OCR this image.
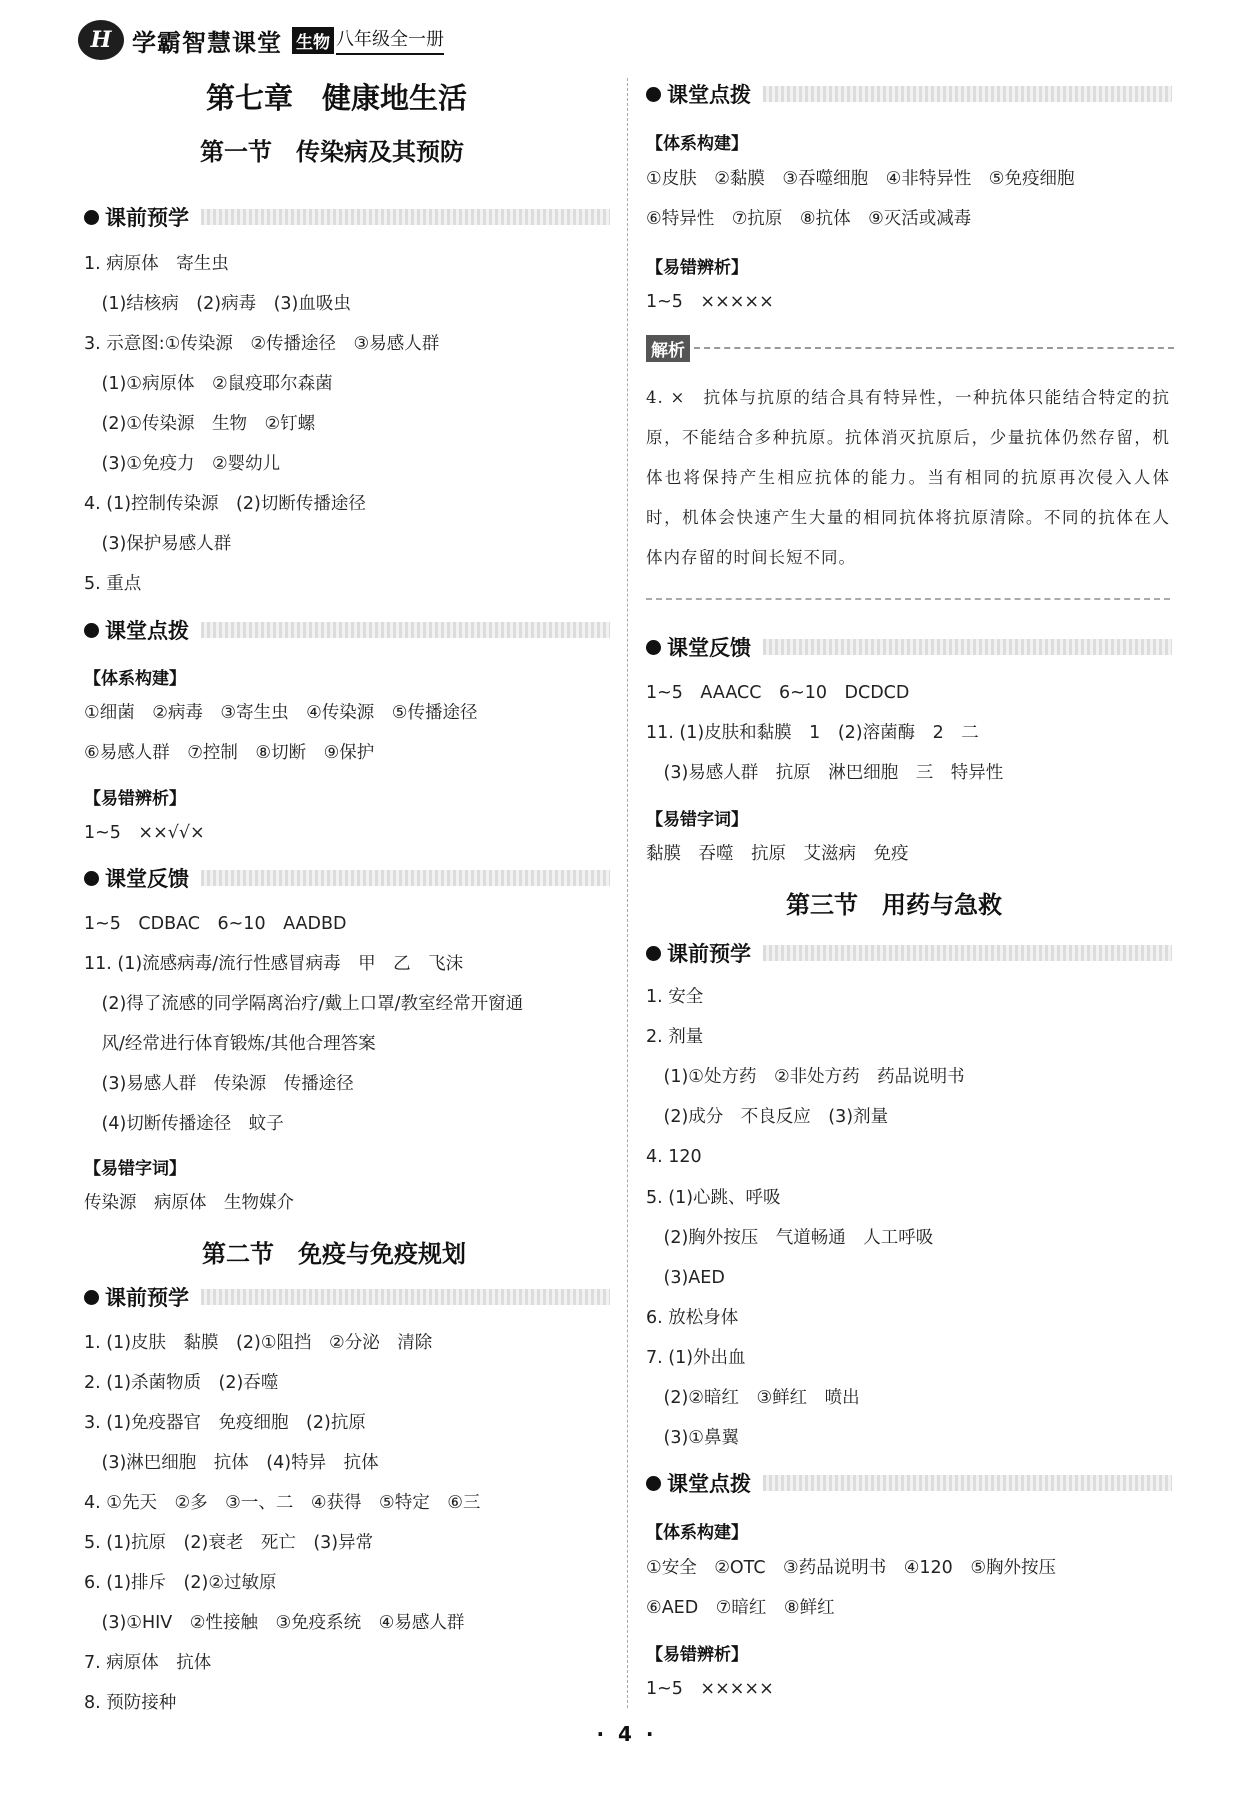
H 学霸智慧课堂 生物 八年级全一册
第七章　健康地生活
第一节　传染病及其预防
课前预学
1. 病原体　寄生虫
　(1)结核病　(2)病毒　(3)血吸虫
3. 示意图:①传染源　②传播途径　③易感人群
　(1)①病原体　②鼠疫耶尔森菌
　(2)①传染源　生物　②钉螺
　(3)①免疫力　②婴幼儿
4. (1)控制传染源　(2)切断传播途径
　(3)保护易感人群
5. 重点
课堂点拨
【体系构建】
①细菌　②病毒　③寄生虫　④传染源　⑤传播途径
⑥易感人群　⑦控制　⑧切断　⑨保护
【易错辨析】
1~5　××√√×
课堂反馈
1~5　CDBAC　6~10　AADBD
11. (1)流感病毒/流行性感冒病毒　甲　乙　飞沫
　(2)得了流感的同学隔离治疗/戴上口罩/教室经常开窗通
　风/经常进行体育锻炼/其他合理答案
　(3)易感人群　传染源　传播途径
　(4)切断传播途径　蚊子
【易错字词】
传染源　病原体　生物媒介
第二节　免疫与免疫规划
课前预学
1. (1)皮肤　黏膜　(2)①阻挡　②分泌　清除
2. (1)杀菌物质　(2)吞噬
3. (1)免疫器官　免疫细胞　(2)抗原
　(3)淋巴细胞　抗体　(4)特异　抗体
4. ①先天　②多　③一、二　④获得　⑤特定　⑥三
5. (1)抗原　(2)衰老　死亡　(3)异常
6. (1)排斥　(2)②过敏原
　(3)①HIV　②性接触　③免疫系统　④易感人群
7. 病原体　抗体
8. 预防接种
课堂点拨
【体系构建】
①皮肤　②黏膜　③吞噬细胞　④非特异性　⑤免疫细胞
⑥特异性　⑦抗原　⑧抗体　⑨灭活或减毒
【易错辨析】
1~5　×××××
解析
4. ×　抗体与抗原的结合具有特异性，一种抗体只能结合特定的抗原，不能结合多种抗原。抗体消灭抗原后，少量抗体仍然存留，机体也将保持产生相应抗体的能力。当有相同的抗原再次侵入人体时，机体会快速产生大量的相同抗体将抗原清除。不同的抗体在人体内存留的时间长短不同。
课堂反馈
1~5　AAACC　6~10　DCDCD
11. (1)皮肤和黏膜　1　(2)溶菌酶　2　二
　(3)易感人群　抗原　淋巴细胞　三　特异性
【易错字词】
黏膜　吞噬　抗原　艾滋病　免疫
第三节　用药与急救
课前预学
1. 安全
2. 剂量
　(1)①处方药　②非处方药　药品说明书
　(2)成分　不良反应　(3)剂量
4. 120
5. (1)心跳、呼吸
　(2)胸外按压　气道畅通　人工呼吸
　(3)AED
6. 放松身体
7. (1)外出血
　(2)②暗红　③鲜红　喷出
　(3)①鼻翼
课堂点拨
【体系构建】
①安全　②OTC　③药品说明书　④120　⑤胸外按压
⑥AED　⑦暗红　⑧鲜红
【易错辨析】
1~5　×××××
·  4  ·
